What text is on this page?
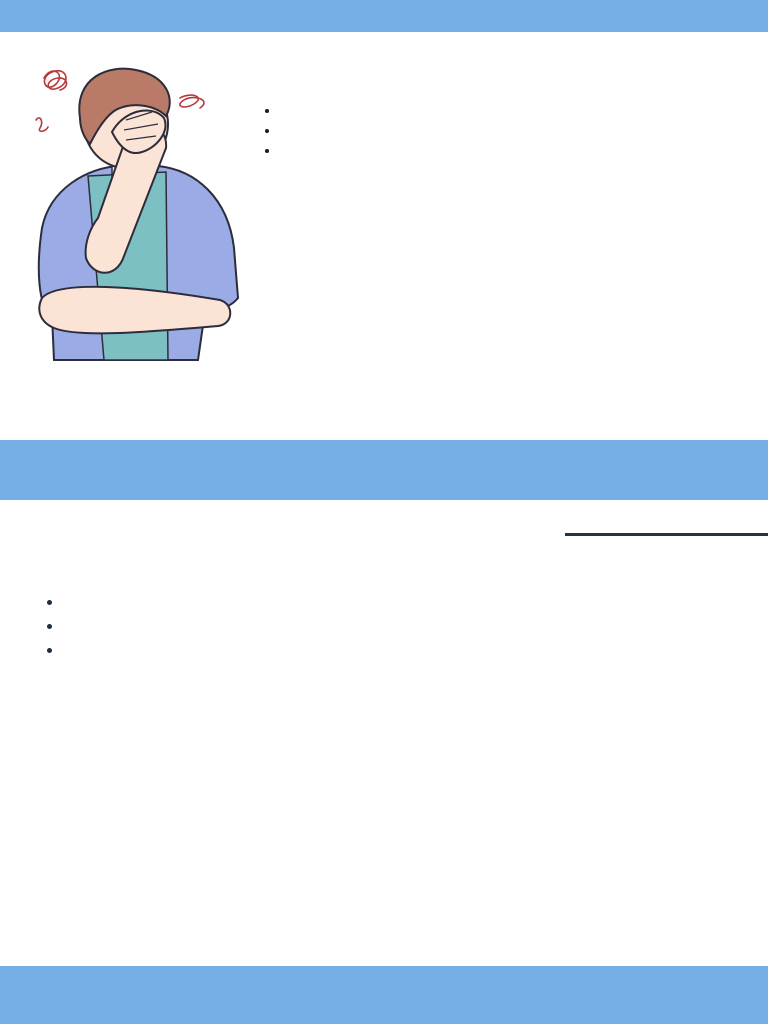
•
•
•
